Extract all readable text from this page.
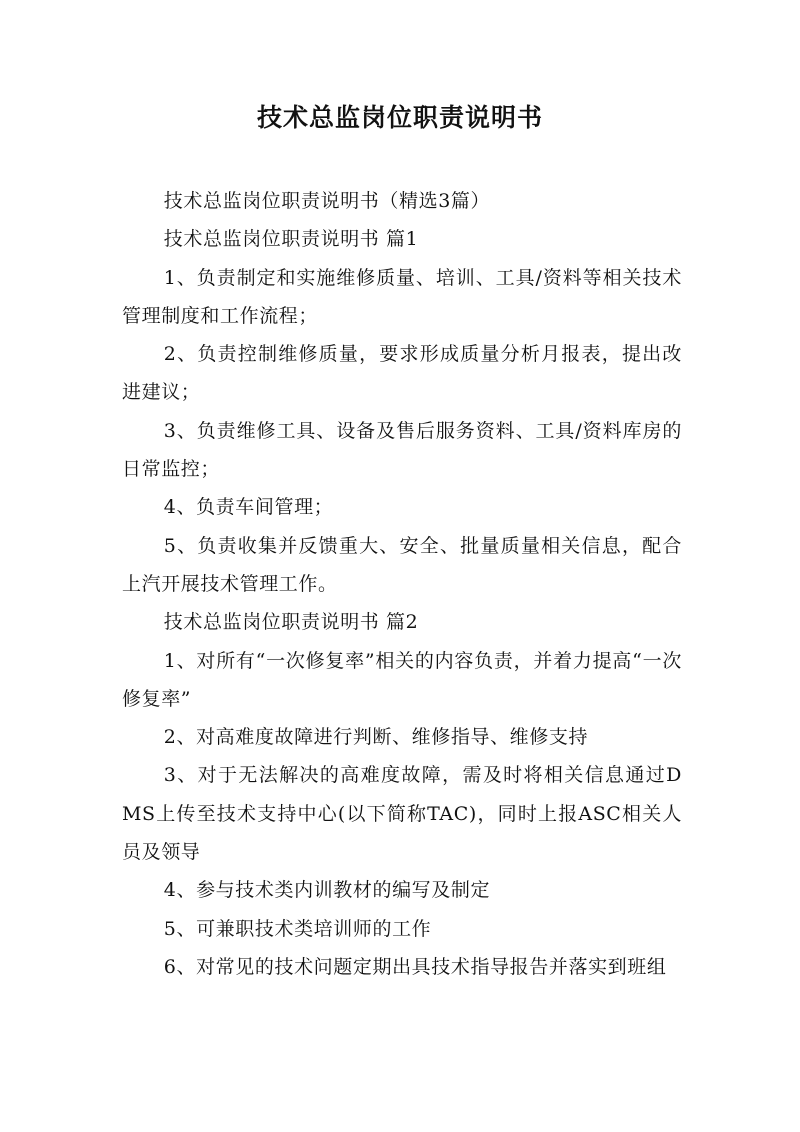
技术总监岗位职责说明书

技术总监岗位职责说明书（精选3篇）

技术总监岗位职责说明书 篇1

1、负责制定和实施维修质量、培训、工具/资料等相关技术管理制度和工作流程；

2、负责控制维修质量，要求形成质量分析月报表，提出改进建议；

3、负责维修工具、设备及售后服务资料、工具/资料库房的日常监控；

4、负责车间管理；

5、负责收集并反馈重大、安全、批量质量相关信息，配合上汽开展技术管理工作。

技术总监岗位职责说明书 篇2

1、对所有“一次修复率”相关的内容负责，并着力提高“一次修复率”

2、对高难度故障进行判断、维修指导、维修支持

3、对于无法解决的高难度故障，需及时将相关信息通过DMS上传至技术支持中心(以下简称TAC)，同时上报ASC相关人员及领导

4、参与技术类内训教材的编写及制定

5、可兼职技术类培训师的工作

6、对常见的技术问题定期出具技术指导报告并落实到班组
